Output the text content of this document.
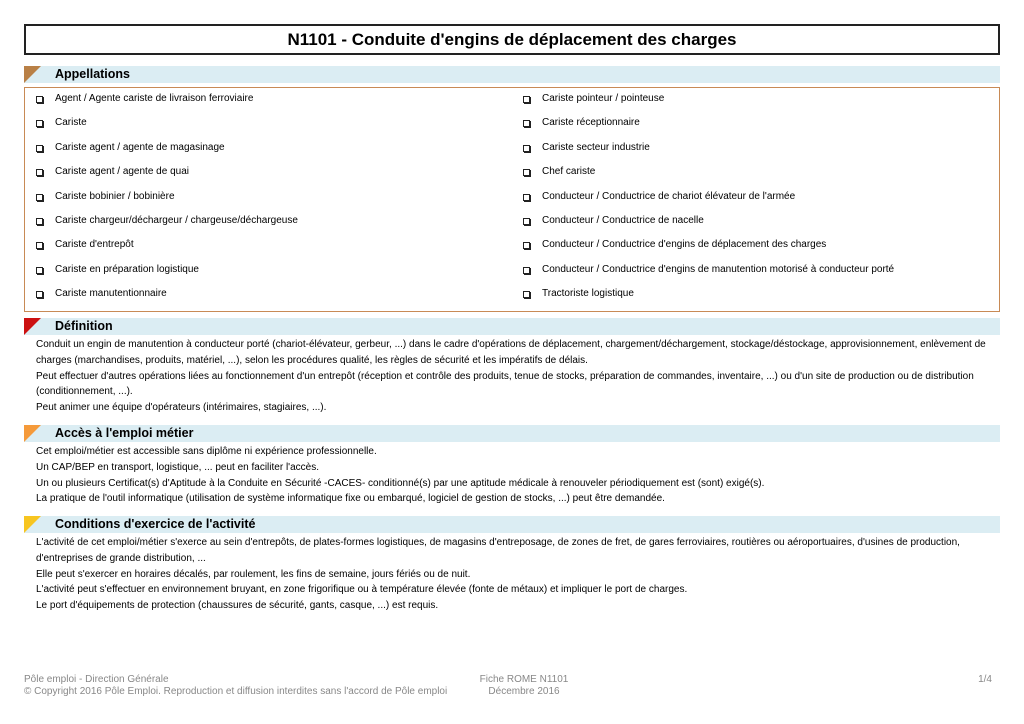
N1101 - Conduite d'engins de déplacement des charges
Appellations
Agent / Agente cariste de livraison ferroviaire
Cariste
Cariste agent / agente de magasinage
Cariste agent / agente de quai
Cariste bobinier / bobinière
Cariste chargeur/déchargeur / chargeuse/déchargeuse
Cariste d'entrepôt
Cariste en préparation logistique
Cariste manutentionnaire
Cariste pointeur / pointeuse
Cariste réceptionnaire
Cariste secteur industrie
Chef cariste
Conducteur / Conductrice de chariot élévateur de l'armée
Conducteur / Conductrice de nacelle
Conducteur / Conductrice d'engins de déplacement des charges
Conducteur / Conductrice d'engins de manutention motorisé à conducteur porté
Tractoriste logistique
Définition

Conduit un engin de manutention à conducteur porté (chariot-élévateur, gerbeur, ...) dans le cadre d'opérations de déplacement, chargement/déchargement, stockage/déstockage, approvisionnement, enlèvement de

charges (marchandises, produits, matériel, ...), selon les procédures qualité, les règles de sécurité et les impératifs de délais.

Peut effectuer d'autres opérations liées au fonctionnement d'un entrepôt (réception et contrôle des produits, tenue de stocks, préparation de commandes, inventaire, ...) ou d'un site de production ou de distribution

(conditionnement, ...).

Peut animer une équipe d'opérateurs (intérimaires, stagiaires, ...).

Accès à l'emploi métier

Cet emploi/métier est accessible sans diplôme ni expérience professionnelle.

Un CAP/BEP en transport, logistique, ... peut en faciliter l'accès.

Un ou plusieurs Certificat(s) d'Aptitude à la Conduite en Sécurité -CACES- conditionné(s) par une aptitude médicale à renouveler périodiquement est (sont) exigé(s).

La pratique de l'outil informatique (utilisation de système informatique fixe ou embarqué, logiciel de gestion de stocks, ...) peut être demandée.

Conditions d'exercice de l'activité

L'activité de cet emploi/métier s'exerce au sein d'entrepôts, de plates-formes logistiques, de magasins d'entreposage, de zones de fret, de gares ferroviaires, routières ou aéroportuaires, d'usines de production,

d'entreprises de grande distribution, ...

Elle peut s'exercer en horaires décalés, par roulement, les fins de semaine, jours fériés ou de nuit.

L'activité peut s'effectuer en environnement bruyant, en zone frigorifique ou à température élevée (fonte de métaux) et impliquer le port de charges.

Le port d'équipements de protection (chaussures de sécurité, gants, casque, ...) est requis.

Pôle emploi - Direction Générale
© Copyright 2016 Pôle Emploi. Reproduction et diffusion interdites sans l'accord de Pôle emploi
Fiche ROME N1101
Décembre 2016
1/4
